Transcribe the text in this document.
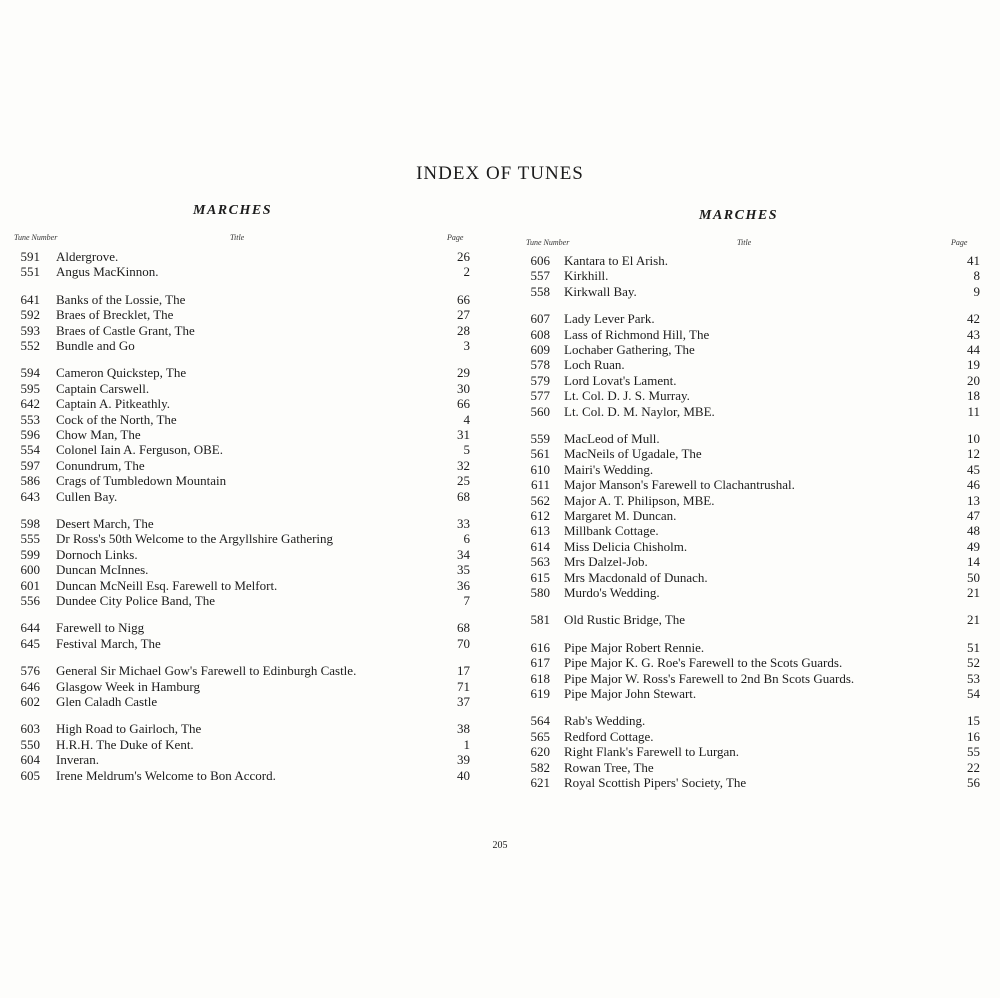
INDEX OF TUNES
MARCHES
Tune Number	Title	Page
591 Aldergrove.	26
551 Angus MacKinnon.	2
641 Banks of the Lossie, The	66
592 Braes of Brecklet, The	27
593 Braes of Castle Grant, The	28
552 Bundle and Go	3
594 Cameron Quickstep, The	29
595 Captain Carswell.	30
642 Captain A. Pitkeathly.	66
553 Cock of the North, The	4
596 Chow Man, The	31
554 Colonel Iain A. Ferguson, OBE.	5
597 Conundrum, The	32
586 Crags of Tumbledown Mountain	25
643 Cullen Bay.	68
598 Desert March, The	33
555 Dr Ross's 50th Welcome to the Argyllshire Gathering	6
599 Dornoch Links.	34
600 Duncan McInnes.	35
601 Duncan McNeill Esq. Farewell to Melfort.	36
556 Dundee City Police Band, The	7
644 Farewell to Nigg	68
645 Festival March, The	70
576 General Sir Michael Gow's Farewell to Edinburgh Castle.	17
646 Glasgow Week in Hamburg	71
602 Glen Caladh Castle	37
603 High Road to Gairloch, The	38
550 H.R.H. The Duke of Kent.	1
604 Inveran.	39
605 Irene Meldrum's Welcome to Bon Accord.	40
MARCHES
Tune Number	Title	Page
606 Kantara to El Arish.	41
557 Kirkhill.	8
558 Kirkwall Bay.	9
607 Lady Lever Park.	42
608 Lass of Richmond Hill, The	43
609 Lochaber Gathering, The	44
578 Loch Ruan.	19
579 Lord Lovat's Lament.	20
577 Lt. Col. D. J. S. Murray.	18
560 Lt. Col. D. M. Naylor, MBE.	11
559 MacLeod of Mull.	10
561 MacNeils of Ugadale, The	12
610 Mairi's Wedding.	45
611 Major Manson's Farewell to Clachantrushal.	46
562 Major A. T. Philipson, MBE.	13
612 Margaret M. Duncan.	47
613 Millbank Cottage.	48
614 Miss Delicia Chisholm.	49
563 Mrs Dalzel-Job.	14
615 Mrs Macdonald of Dunach.	50
580 Murdo's Wedding.	21
581 Old Rustic Bridge, The	21
616 Pipe Major Robert Rennie.	51
617 Pipe Major K. G. Roe's Farewell to the Scots Guards.	52
618 Pipe Major W. Ross's Farewell to 2nd Bn Scots Guards.	53
619 Pipe Major John Stewart.	54
564 Rab's Wedding.	15
565 Redford Cottage.	16
620 Right Flank's Farewell to Lurgan.	55
582 Rowan Tree, The	22
621 Royal Scottish Pipers' Society, The	56
205
